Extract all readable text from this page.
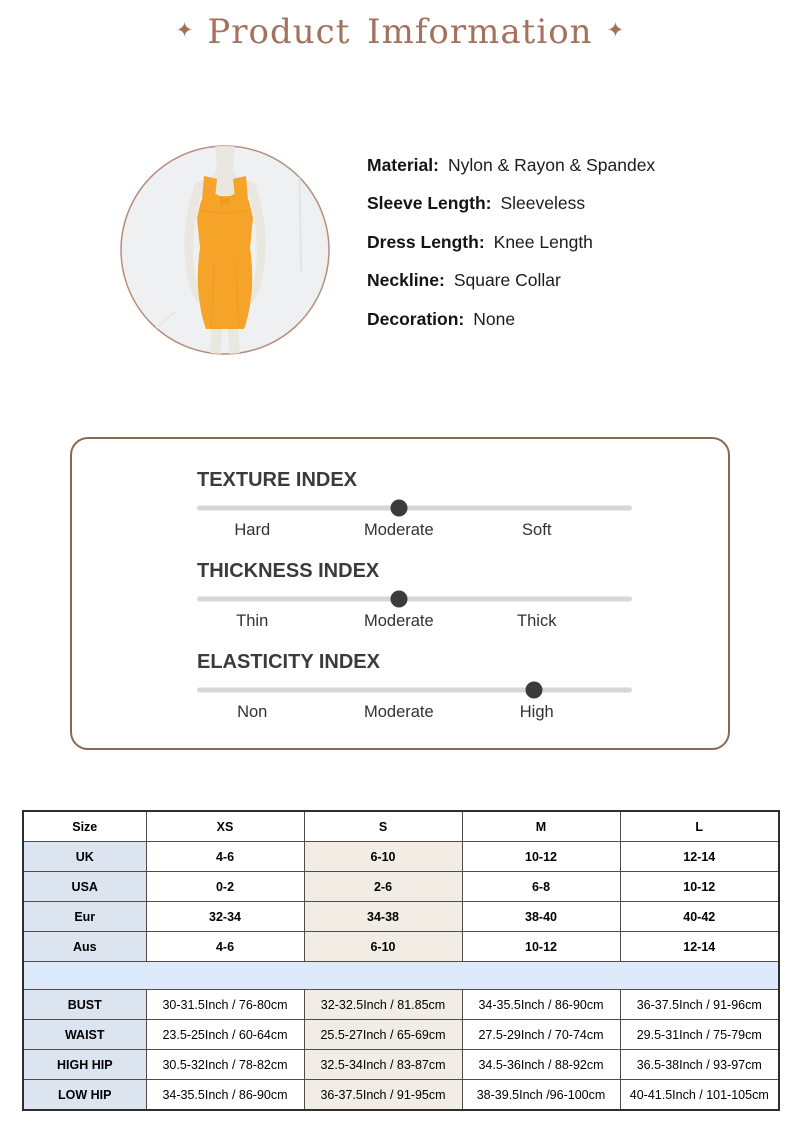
✦ Product Imformation ✦
Material: Nylon & Rayon & Spandex
Sleeve Length: Sleeveless
Dress Length: Knee Length
Neckline: Square Collar
Decoration: None
TEXTURE INDEX
Hard	Moderate	Soft
THICKNESS INDEX
Thin	Moderate	Thick
ELASTICITY INDEX
Non	Moderate	High
Size	XS	S	M	L
UK	4-6	6-10	10-12	12-14
USA	0-2	2-6	6-8	10-12
Eur	32-34	34-38	38-40	40-42
Aus	4-6	6-10	10-12	12-14

BUST	30-31.5Inch / 76-80cm	32-32.5Inch / 81.85cm	34-35.5Inch / 86-90cm	36-37.5Inch / 91-96cm
WAIST	23.5-25Inch / 60-64cm	25.5-27Inch / 65-69cm	27.5-29Inch / 70-74cm	29.5-31Inch / 75-79cm
HIGH HIP	30.5-32Inch / 78-82cm	32.5-34Inch / 83-87cm	34.5-36Inch / 88-92cm	36.5-38Inch / 93-97cm
LOW HIP	34-35.5Inch / 86-90cm	36-37.5Inch / 91-95cm	38-39.5Inch /96-100cm	40-41.5Inch / 101-105cm
